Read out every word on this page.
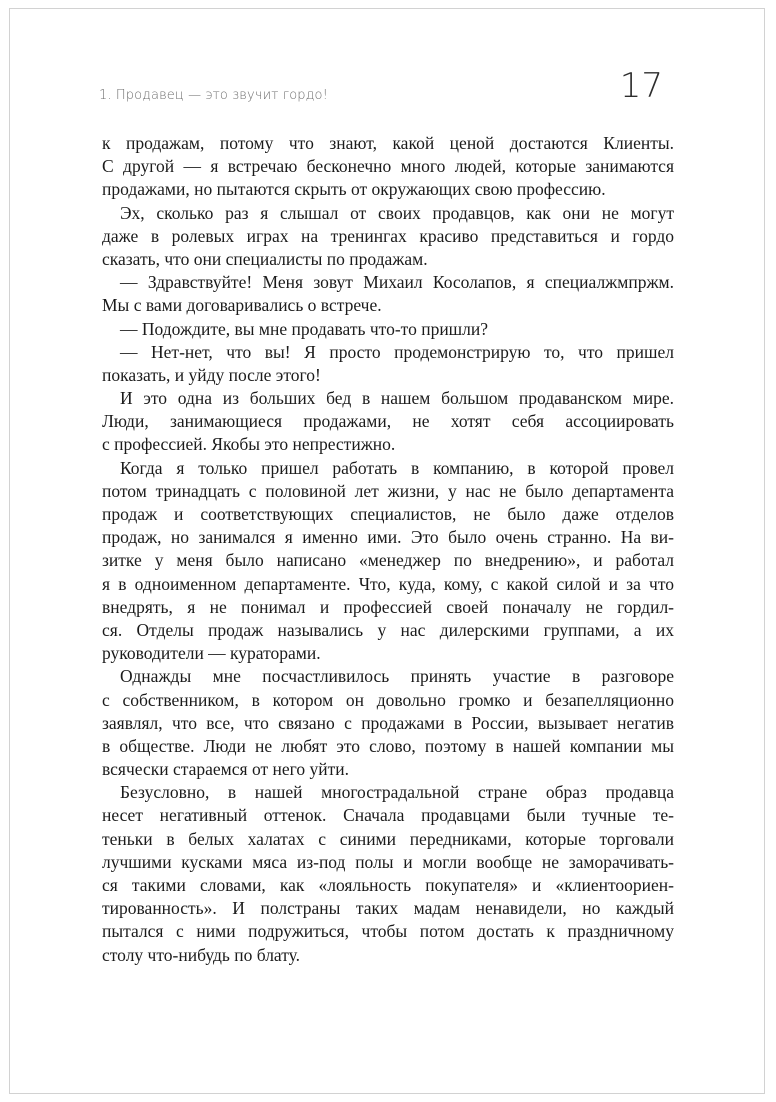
1. Продавец — это звучит гордо!	17
к продажам, потому что знают, какой ценой достаются Клиенты.
С другой — я встречаю бесконечно много людей, которые занимаются
продажами, но пытаются скрыть от окружающих свою профессию.
Эх, сколько раз я слышал от своих продавцов, как они не могут
даже в ролевых играх на тренингах красиво представиться и гордо
сказать, что они специалисты по продажам.
— Здравствуйте! Меня зовут Михаил Косолапов, я специалжмпржм.
Мы с вами договаривались о встрече.
— Подождите, вы мне продавать что-то пришли?
— Нет-нет, что вы! Я просто продемонстрирую то, что пришел
показать, и уйду после этого!
И это одна из больших бед в нашем большом продаванском мире.
Люди, занимающиеся продажами, не хотят себя ассоциировать
с профессией. Якобы это непрестижно.
Когда я только пришел работать в компанию, в которой провел
потом тринадцать с половиной лет жизни, у нас не было департамента
продаж и соответствующих специалистов, не было даже отделов
продаж, но занимался я именно ими. Это было очень странно. На ви-
зитке у меня было написано «менеджер по внедрению», и работал
я в одноименном департаменте. Что, куда, кому, с какой силой и за что
внедрять, я не понимал и профессией своей поначалу не гордил-
ся. Отделы продаж назывались у нас дилерскими группами, а их
руководители — кураторами.
Однажды мне посчастливилось принять участие в разговоре
с собственником, в котором он довольно громко и безапелляционно
заявлял, что все, что связано с продажами в России, вызывает негатив
в обществе. Люди не любят это слово, поэтому в нашей компании мы
всячески стараемся от него уйти.
Безусловно, в нашей многострадальной стране образ продавца
несет негативный оттенок. Сначала продавцами были тучные те-
теньки в белых халатах с синими передниками, которые торговали
лучшими кусками мяса из-под полы и могли вообще не заморачивать-
ся такими словами, как «лояльность покупателя» и «клиентоориен-
тированность». И полстраны таких мадам ненавидели, но каждый
пытался с ними подружиться, чтобы потом достать к праздничному
столу что-нибудь по блату.
